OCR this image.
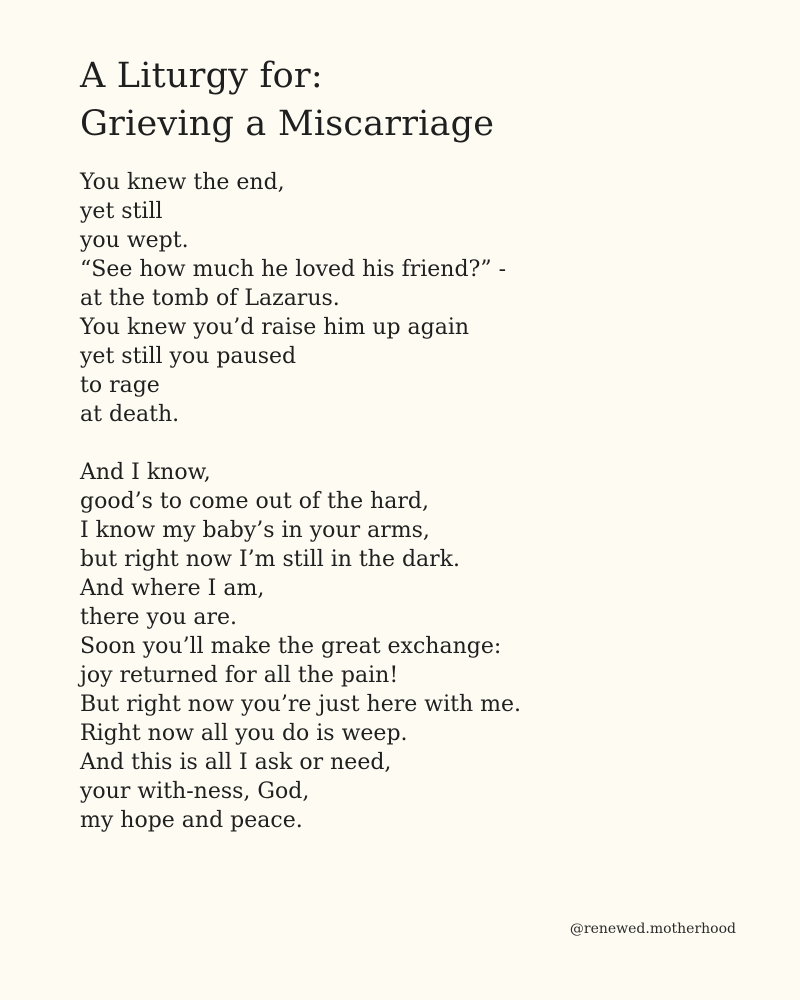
A Liturgy for:
Grieving a Miscarriage
You knew the end,
yet still
you wept.
“See how much he loved his friend?” -
at the tomb of Lazarus.
You knew you’d raise him up again
yet still you paused
to rage
at death.
And I know,
good’s to come out of the hard,
I know my baby’s in your arms,
but right now I’m still in the dark.
And where I am,
there you are.
Soon you’ll make the great exchange:
joy returned for all the pain!
But right now you’re just here with me.
Right now all you do is weep.
And this is all I ask or need,
your with-ness, God,
my hope and peace.
@renewed.motherhood
